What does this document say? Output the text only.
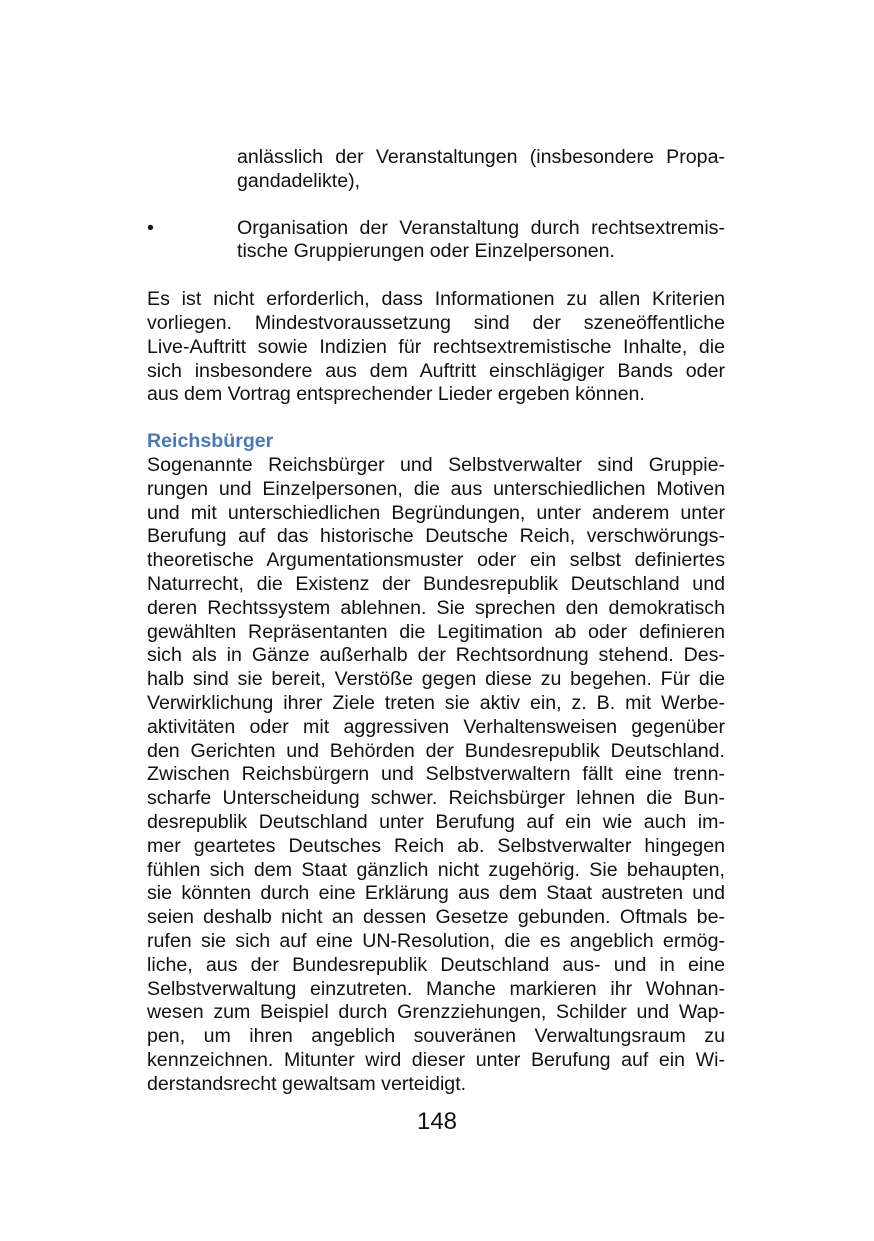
anlässlich der Veranstaltungen (insbesondere Propa-
gandadelikte),
•	Organisation der Veranstaltung durch rechtsextremis-
tische Gruppierungen oder Einzelpersonen.
Es ist nicht erforderlich, dass Informationen zu allen Kriterien
vorliegen. Mindestvoraussetzung sind der szeneöffentliche
Live-Auftritt sowie Indizien für rechtsextremistische Inhalte, die
sich insbesondere aus dem Auftritt einschlägiger Bands oder
aus dem Vortrag entsprechender Lieder ergeben können.
Reichsbürger
Sogenannte Reichsbürger und Selbstverwalter sind Gruppie-
rungen und Einzelpersonen, die aus unterschiedlichen Motiven
und mit unterschiedlichen Begründungen, unter anderem unter
Berufung auf das historische Deutsche Reich, verschwörungs-
theoretische Argumentationsmuster oder ein selbst definiertes
Naturrecht, die Existenz der Bundesrepublik Deutschland und
deren Rechtssystem ablehnen. Sie sprechen den demokratisch
gewählten Repräsentanten die Legitimation ab oder definieren
sich als in Gänze außerhalb der Rechtsordnung stehend. Des-
halb sind sie bereit, Verstöße gegen diese zu begehen. Für die
Verwirklichung ihrer Ziele treten sie aktiv ein, z. B. mit Werbe-
aktivitäten oder mit aggressiven Verhaltensweisen gegenüber
den Gerichten und Behörden der Bundesrepublik Deutschland.
Zwischen Reichsbürgern und Selbstverwaltern fällt eine trenn-
scharfe Unterscheidung schwer. Reichsbürger lehnen die Bun-
desrepublik Deutschland unter Berufung auf ein wie auch im-
mer geartetes Deutsches Reich ab. Selbstverwalter hingegen
fühlen sich dem Staat gänzlich nicht zugehörig. Sie behaupten,
sie könnten durch eine Erklärung aus dem Staat austreten und
seien deshalb nicht an dessen Gesetze gebunden. Oftmals be-
rufen sie sich auf eine UN-Resolution, die es angeblich ermög-
liche, aus der Bundesrepublik Deutschland aus- und in eine
Selbstverwaltung einzutreten. Manche markieren ihr Wohnan-
wesen zum Beispiel durch Grenzziehungen, Schilder und Wap-
pen, um ihren angeblich souveränen Verwaltungsraum zu
kennzeichnen. Mitunter wird dieser unter Berufung auf ein Wi-
derstandsrecht gewaltsam verteidigt.
148
